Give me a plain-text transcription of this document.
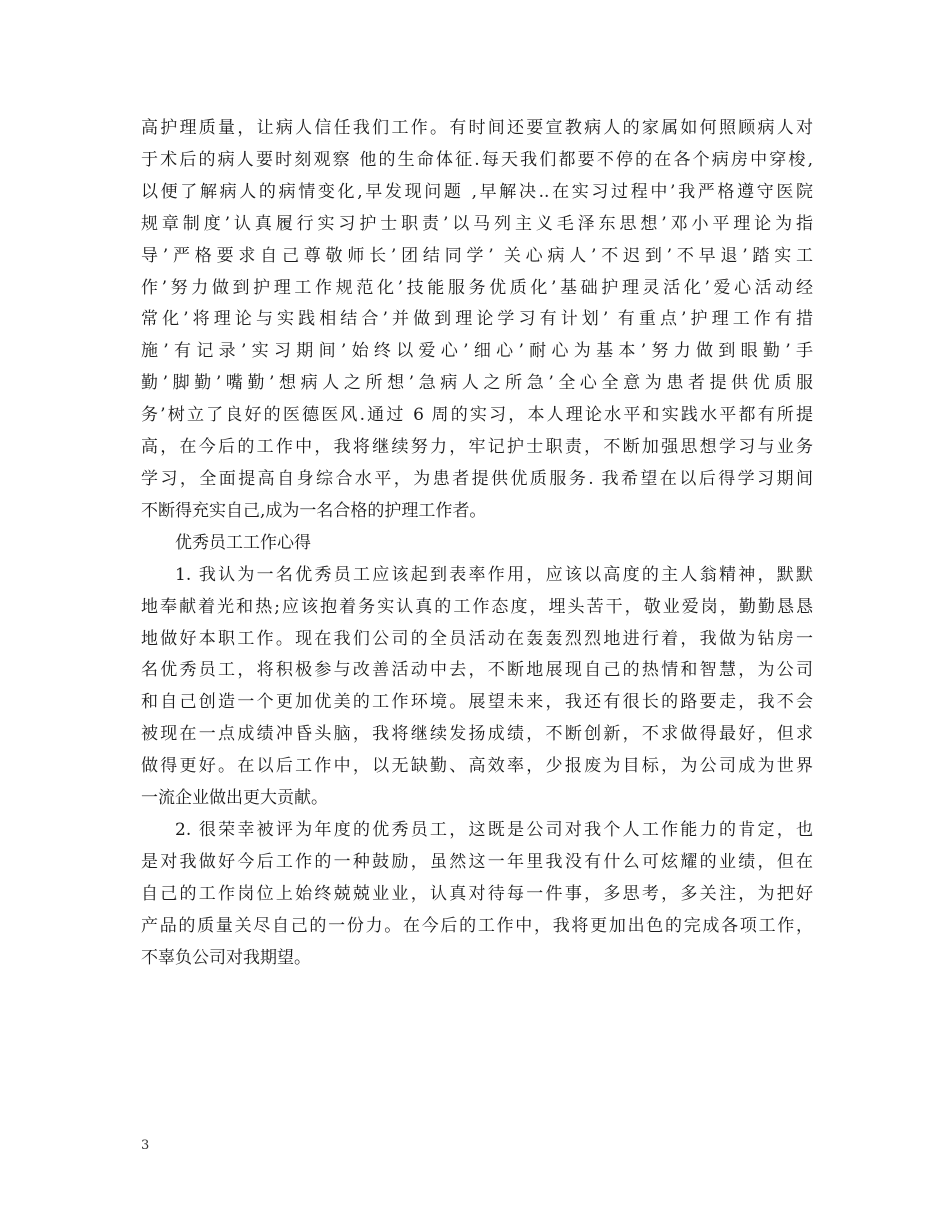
高护理质量，让病人信任我们工作。有时间还要宣教病人的家属如何照顾病人对
于术后的病人要时刻观察 他的生命体征.每天我们都要不停的在各个病房中穿梭,
以便了解病人的病情变化,早发现问题 ,早解决..在实习过程中’我严格遵守医院
规章制度’认真履行实习护士职责’以马列主义毛泽东思想’邓小平理论为指
导’严格要求自己尊敬师长’团结同学’ 关心病人’不迟到’不早退’踏实工
作’努力做到护理工作规范化’技能服务优质化’基础护理灵活化’爱心活动经
常化’将理论与实践相结合’并做到理论学习有计划’ 有重点’护理工作有措
施’有记录’实习期间’始终以爱心’细心’耐心为基本’努力做到眼勤’手
勤’脚勤’嘴勤’想病人之所想’急病人之所急’全心全意为患者提供优质服
务’树立了良好的医德医风.通过 6 周的实习，本人理论水平和实践水平都有所提
高，在今后的工作中，我将继续努力，牢记护士职责，不断加强思想学习与业务
学习，全面提高自身综合水平，为患者提供优质服务. 我希望在以后得学习期间
不断得充实自己,成为一名合格的护理工作者。
优秀员工工作心得
1. 我认为一名优秀员工应该起到表率作用，应该以高度的主人翁精神，默默
地奉献着光和热;应该抱着务实认真的工作态度，埋头苦干，敬业爱岗，勤勤恳恳
地做好本职工作。现在我们公司的全员活动在轰轰烈烈地进行着，我做为钻房一
名优秀员工，将积极参与改善活动中去，不断地展现自己的热情和智慧，为公司
和自己创造一个更加优美的工作环境。展望未来，我还有很长的路要走，我不会
被现在一点成绩冲昏头脑，我将继续发扬成绩，不断创新，不求做得最好，但求
做得更好。在以后工作中，以无缺勤、高效率，少报废为目标，为公司成为世界
一流企业做出更大贡献。
2. 很荣幸被评为年度的优秀员工，这既是公司对我个人工作能力的肯定，也
是对我做好今后工作的一种鼓励，虽然这一年里我没有什么可炫耀的业绩，但在
自己的工作岗位上始终兢兢业业，认真对待每一件事，多思考，多关注，为把好
产品的质量关尽自己的一份力。在今后的工作中，我将更加出色的完成各项工作，
不辜负公司对我期望。
3
